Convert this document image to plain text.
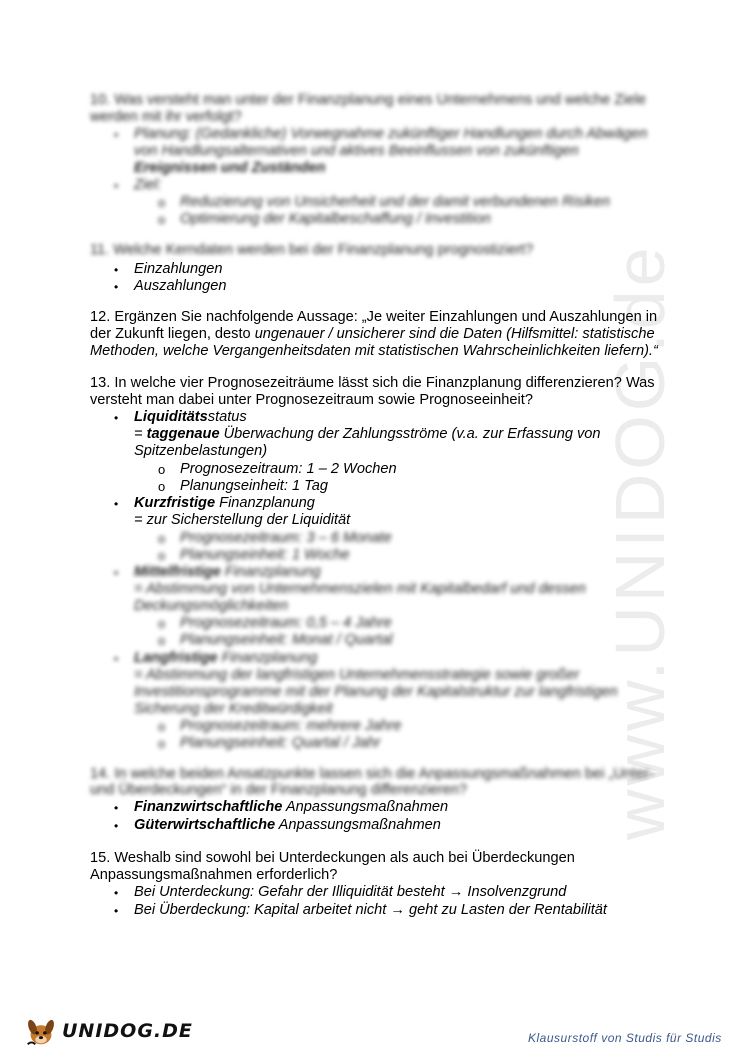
www.UNIDOG.de
10. Was versteht man unter der Finanzplanung eines Unternehmens und welche Ziele
werden mit ihr verfolgt?
• Planung: (Gedankliche) Vorwegnahme zukünftiger Handlungen durch Abwägen
von Handlungsalternativen und aktives Beeinflussen von zukünftigen
Ereignissen und Zuständen
• Ziel:
o Reduzierung von Unsicherheit und der damit verbundenen Risiken
o Optimierung der Kapitalbeschaffung / Investition
11. Welche Kerndaten werden bei der Finanzplanung prognostiziert?
• Einzahlungen
• Auszahlungen
12. Ergänzen Sie nachfolgende Aussage: „Je weiter Einzahlungen und Auszahlungen in
der Zukunft liegen, desto ungenauer / unsicherer sind die Daten (Hilfsmittel: statistische
Methoden, welche Vergangenheitsdaten mit statistischen Wahrscheinlichkeiten liefern).“
13. In welche vier Prognosezeiträume lässt sich die Finanzplanung differenzieren? Was
versteht man dabei unter Prognosezeitraum sowie Prognoseeinheit?
• Liquiditätsstatus
= taggenaue Überwachung der Zahlungsströme (v.a. zur Erfassung von
Spitzenbelastungen)
o Prognosezeitraum: 1 – 2 Wochen
o Planungseinheit: 1 Tag
• Kurzfristige Finanzplanung
= zur Sicherstellung der Liquidität
o Prognosezeitraum: 3 – 6 Monate
o Planungseinheit: 1 Woche
• Mittelfristige Finanzplanung
= Abstimmung von Unternehmenszielen mit Kapitalbedarf und dessen
Deckungsmöglichkeiten
o Prognosezeitraum: 0,5 – 4 Jahre
o Planungseinheit: Monat / Quartal
• Langfristige Finanzplanung
= Abstimmung der langfristigen Unternehmensstrategie sowie großer
Investitionsprogramme mit der Planung der Kapitalstruktur zur langfristigen
Sicherung der Kreditwürdigkeit
o Prognosezeitraum: mehrere Jahre
o Planungseinheit: Quartal / Jahr
14. In welche beiden Ansatzpunkte lassen sich die Anpassungsmaßnahmen bei „Unter-
und Überdeckungen“ in der Finanzplanung differenzieren?
• Finanzwirtschaftliche Anpassungsmaßnahmen
• Güterwirtschaftliche Anpassungsmaßnahmen
15. Weshalb sind sowohl bei Unterdeckungen als auch bei Überdeckungen
Anpassungsmaßnahmen erforderlich?
• Bei Unterdeckung: Gefahr der Illiquidität besteht → Insolvenzgrund
• Bei Überdeckung: Kapital arbeitet nicht → geht zu Lasten der Rentabilität
UNIDOG.DE	Klausurstoff von Studis für Studis
